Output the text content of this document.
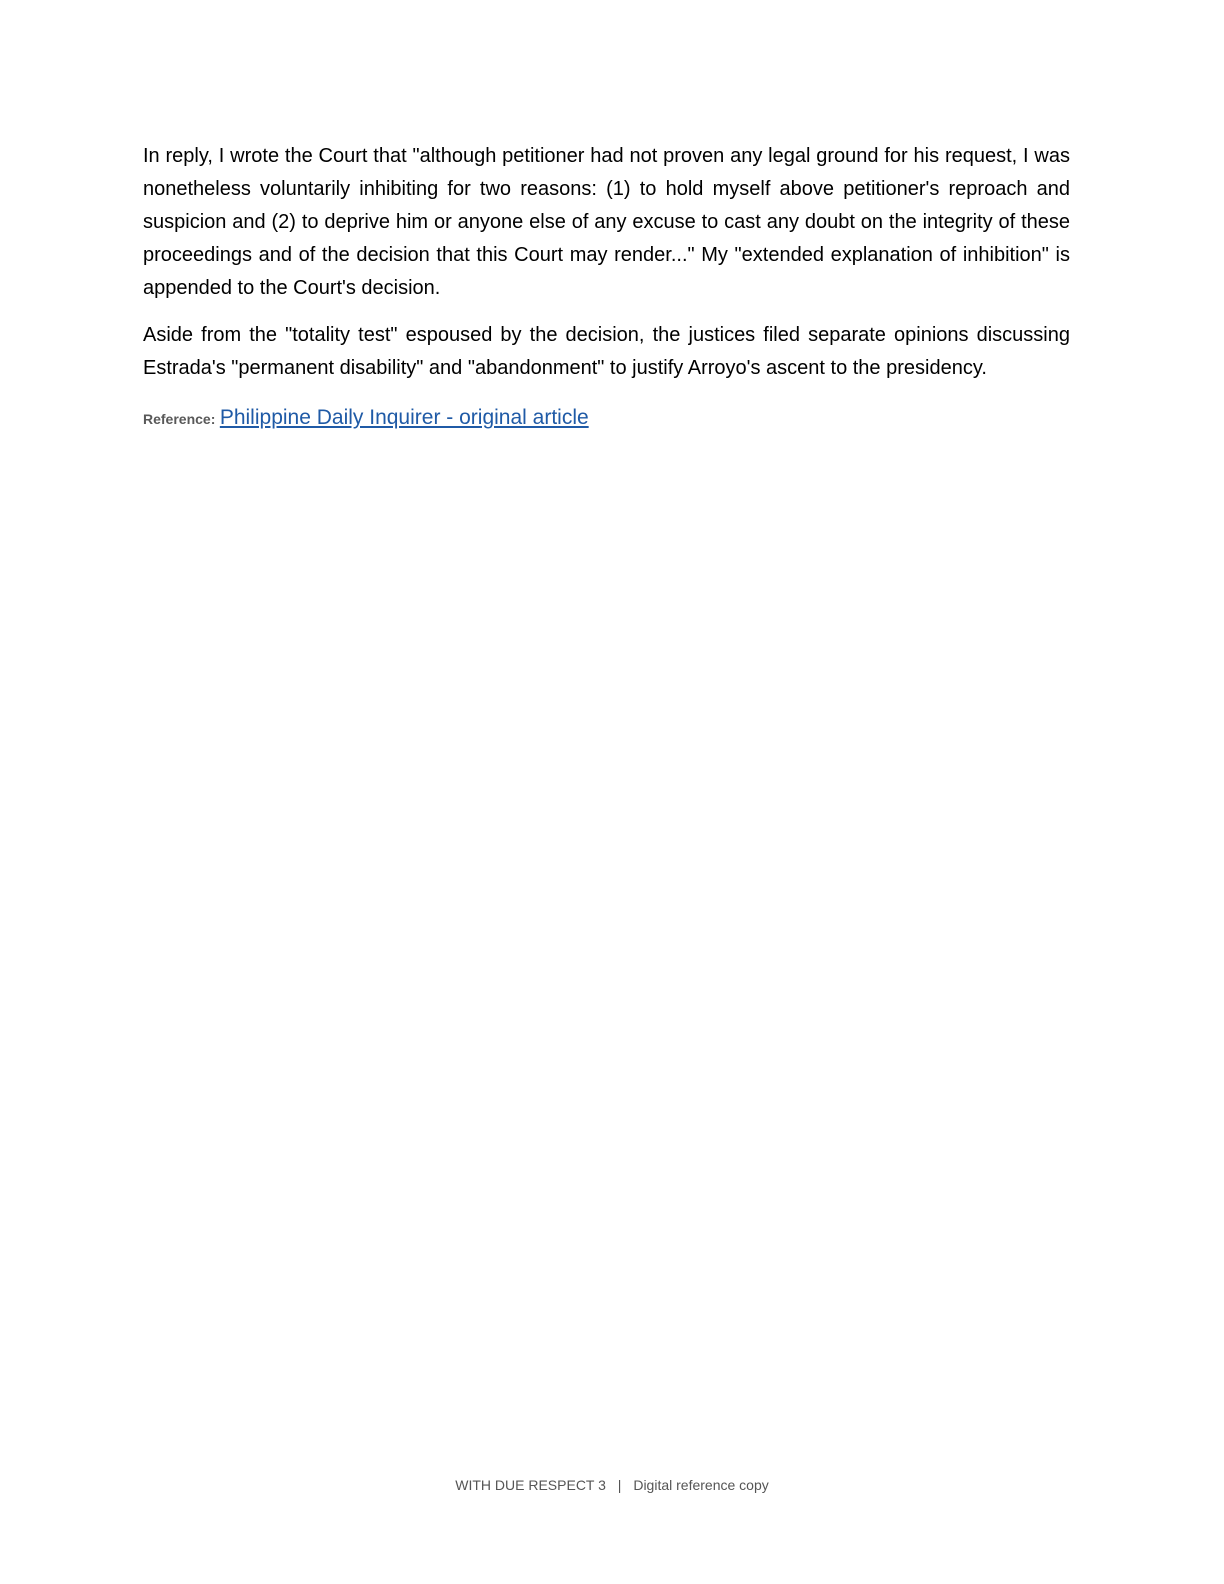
In reply, I wrote the Court that "although petitioner had not proven any legal ground for his request, I was nonetheless voluntarily inhibiting for two reasons: (1) to hold myself above petitioner's reproach and suspicion and (2) to deprive him or anyone else of any excuse to cast any doubt on the integrity of these proceedings and of the decision that this Court may render..." My "extended explanation of inhibition" is appended to the Court's decision.

Aside from the "totality test" espoused by the decision, the justices filed separate opinions discussing Estrada's "permanent disability" and "abandonment" to justify Arroyo's ascent to the presidency.

Reference: Philippine Daily Inquirer - original article
WITH DUE RESPECT 3 | Digital reference copy
